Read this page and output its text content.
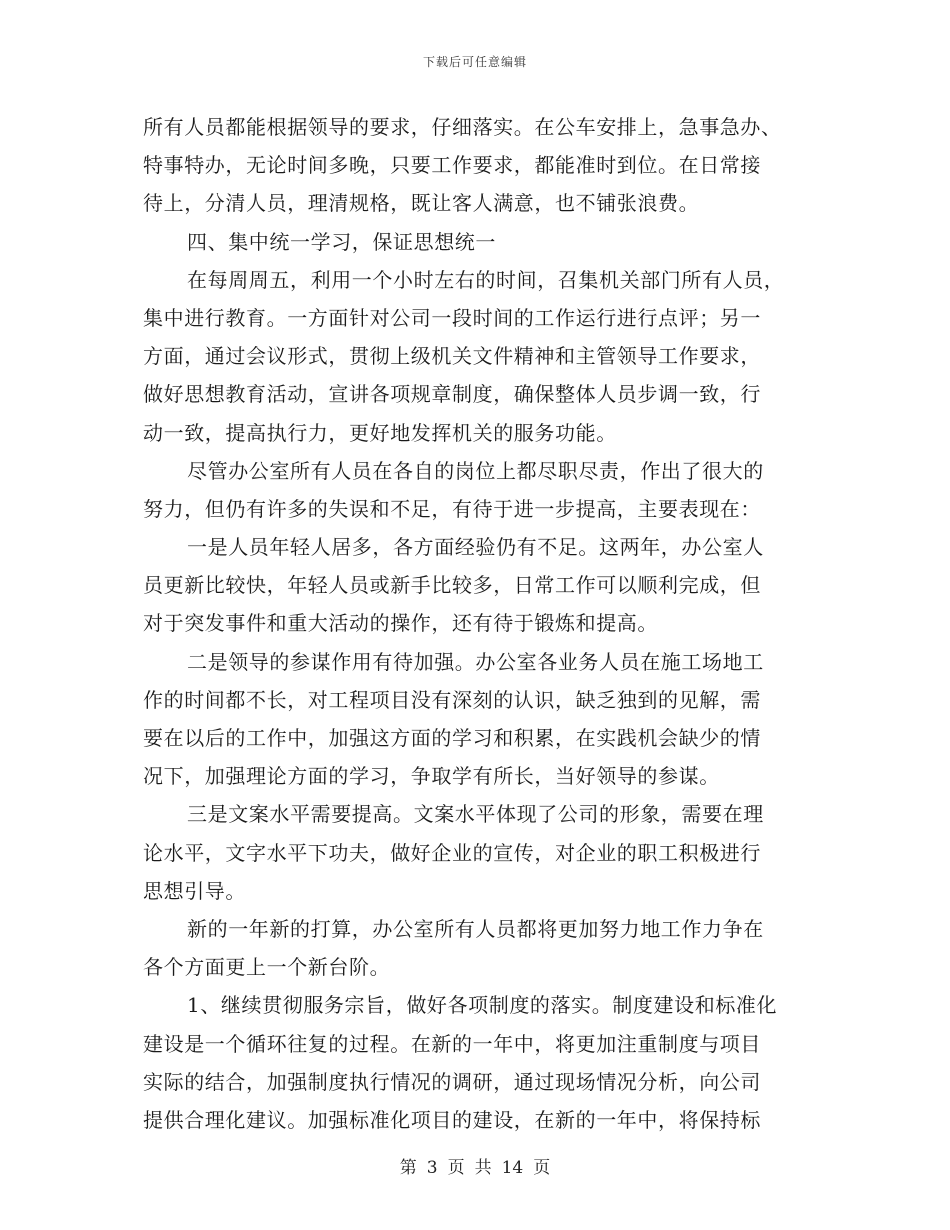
下载后可任意编辑
所有人员都能根据领导的要求，仔细落实。在公车安排上，急事急办、
特事特办，无论时间多晚，只要工作要求，都能准时到位。在日常接
待上，分清人员，理清规格，既让客人满意，也不铺张浪费。
四、集中统一学习，保证思想统一
在每周周五，利用一个小时左右的时间，召集机关部门所有人员，
集中进行教育。一方面针对公司一段时间的工作运行进行点评；另一
方面，通过会议形式，贯彻上级机关文件精神和主管领导工作要求，
做好思想教育活动，宣讲各项规章制度，确保整体人员步调一致，行
动一致，提高执行力，更好地发挥机关的服务功能。
尽管办公室所有人员在各自的岗位上都尽职尽责，作出了很大的
努力，但仍有许多的失误和不足，有待于进一步提高，主要表现在：
一是人员年轻人居多，各方面经验仍有不足。这两年，办公室人
员更新比较快，年轻人员或新手比较多，日常工作可以顺利完成，但
对于突发事件和重大活动的操作，还有待于锻炼和提高。
二是领导的参谋作用有待加强。办公室各业务人员在施工场地工
作的时间都不长，对工程项目没有深刻的认识，缺乏独到的见解，需
要在以后的工作中，加强这方面的学习和积累，在实践机会缺少的情
况下，加强理论方面的学习，争取学有所长，当好领导的参谋。
三是文案水平需要提高。文案水平体现了公司的形象，需要在理
论水平，文字水平下功夫，做好企业的宣传，对企业的职工积极进行
思想引导。
新的一年新的打算，办公室所有人员都将更加努力地工作力争在
各个方面更上一个新台阶。
1、继续贯彻服务宗旨，做好各项制度的落实。制度建设和标准化
建设是一个循环往复的过程。在新的一年中，将更加注重制度与项目
实际的结合，加强制度执行情况的调研，通过现场情况分析，向公司
提供合理化建议。加强标准化项目的建设，在新的一年中，将保持标
第 3 页 共 14 页
